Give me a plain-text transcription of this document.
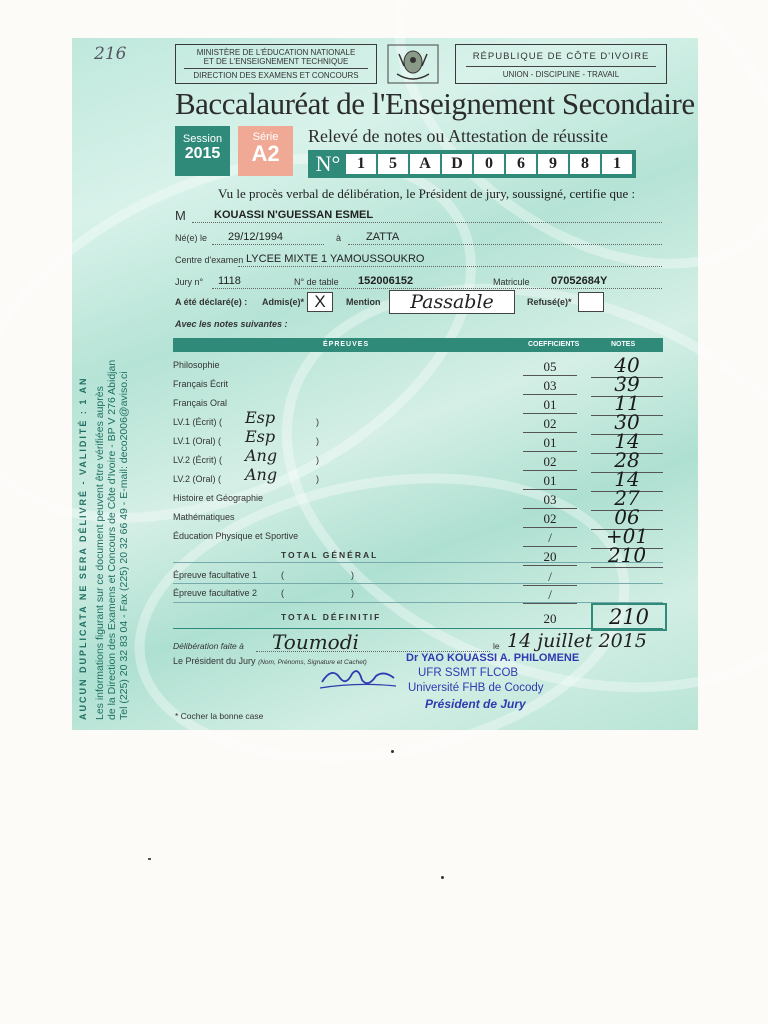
216
AUCUN DUPLICATA NE SERA DÉLIVRÉ - VALIDITÉ : 1 AN Les informations figurant sur ce document peuvent être vérifiées auprès de la Direction des Examens et Concours de Côte d'Ivoire - BP V 276 Abidjan Tel (225) 20 32 83 04 - Fax (225) 20 32 66 49 - E-mail: deco2006@aviso.ci
MINISTÈRE DE L'ÉDUCATION NATIONALE
ET DE L'ENSEIGNEMENT TECHNIQUE
DIRECTION DES EXAMENS ET CONCOURS
RÉPUBLIQUE DE CÔTE D'IVOIRE
UNION - DISCIPLINE - TRAVAIL
Baccalauréat de l'Enseignement Secondaire
Session
2015
Série
A2
Relevé de notes ou Attestation de réussite
N°	1	5	A	D	0	6	9	8	1
Vu le procès verbal de délibération, le Président de jury, soussigné, certifie que :
M	KOUASSI N'GUESSAN ESMEL
Né(e) le 29/12/1994	à ZATTA
Centre d'examen LYCEE MIXTE 1 YAMOUSSOUKRO
Jury n° 1118	N° de table 152006152	Matricule 07052684Y
A été déclaré(e) : Admis(e)* X	Mention	Passable	Refusé(e)*
Avec les notes suivantes :
ÉPREUVES	COEFFICIENTS	NOTES
Philosophie	05	40
Français Écrit	03	39
Français Oral	01	11
LV.1 (Écrit) ( Esp	)	02	30
LV.1 (Oral) ( Esp	)	01	14
LV.2 (Écrit) ( Ang	)	02	28
LV.2 (Oral) ( Ang	)	01	14
Histoire et Géographie	03	27
Mathématiques	02	06
Éducation Physique et Sportive	/	+01
TOTAL GÉNÉRAL	20	210
Épreuve facultative 1	(	)	/
Épreuve facultative 2	(	)	/
TOTAL DÉFINITIF	20	210
Délibération faite à Toumodi	le 14 juillet 2015
Le Président du Jury (Nom, Prénoms, Signature et Cachet)	Dr YAO KOUASSI A. PHILOMENE
UFR SSMT FLCOB
Université FHB de Cocody
Président de Jury
* Cocher la bonne case
